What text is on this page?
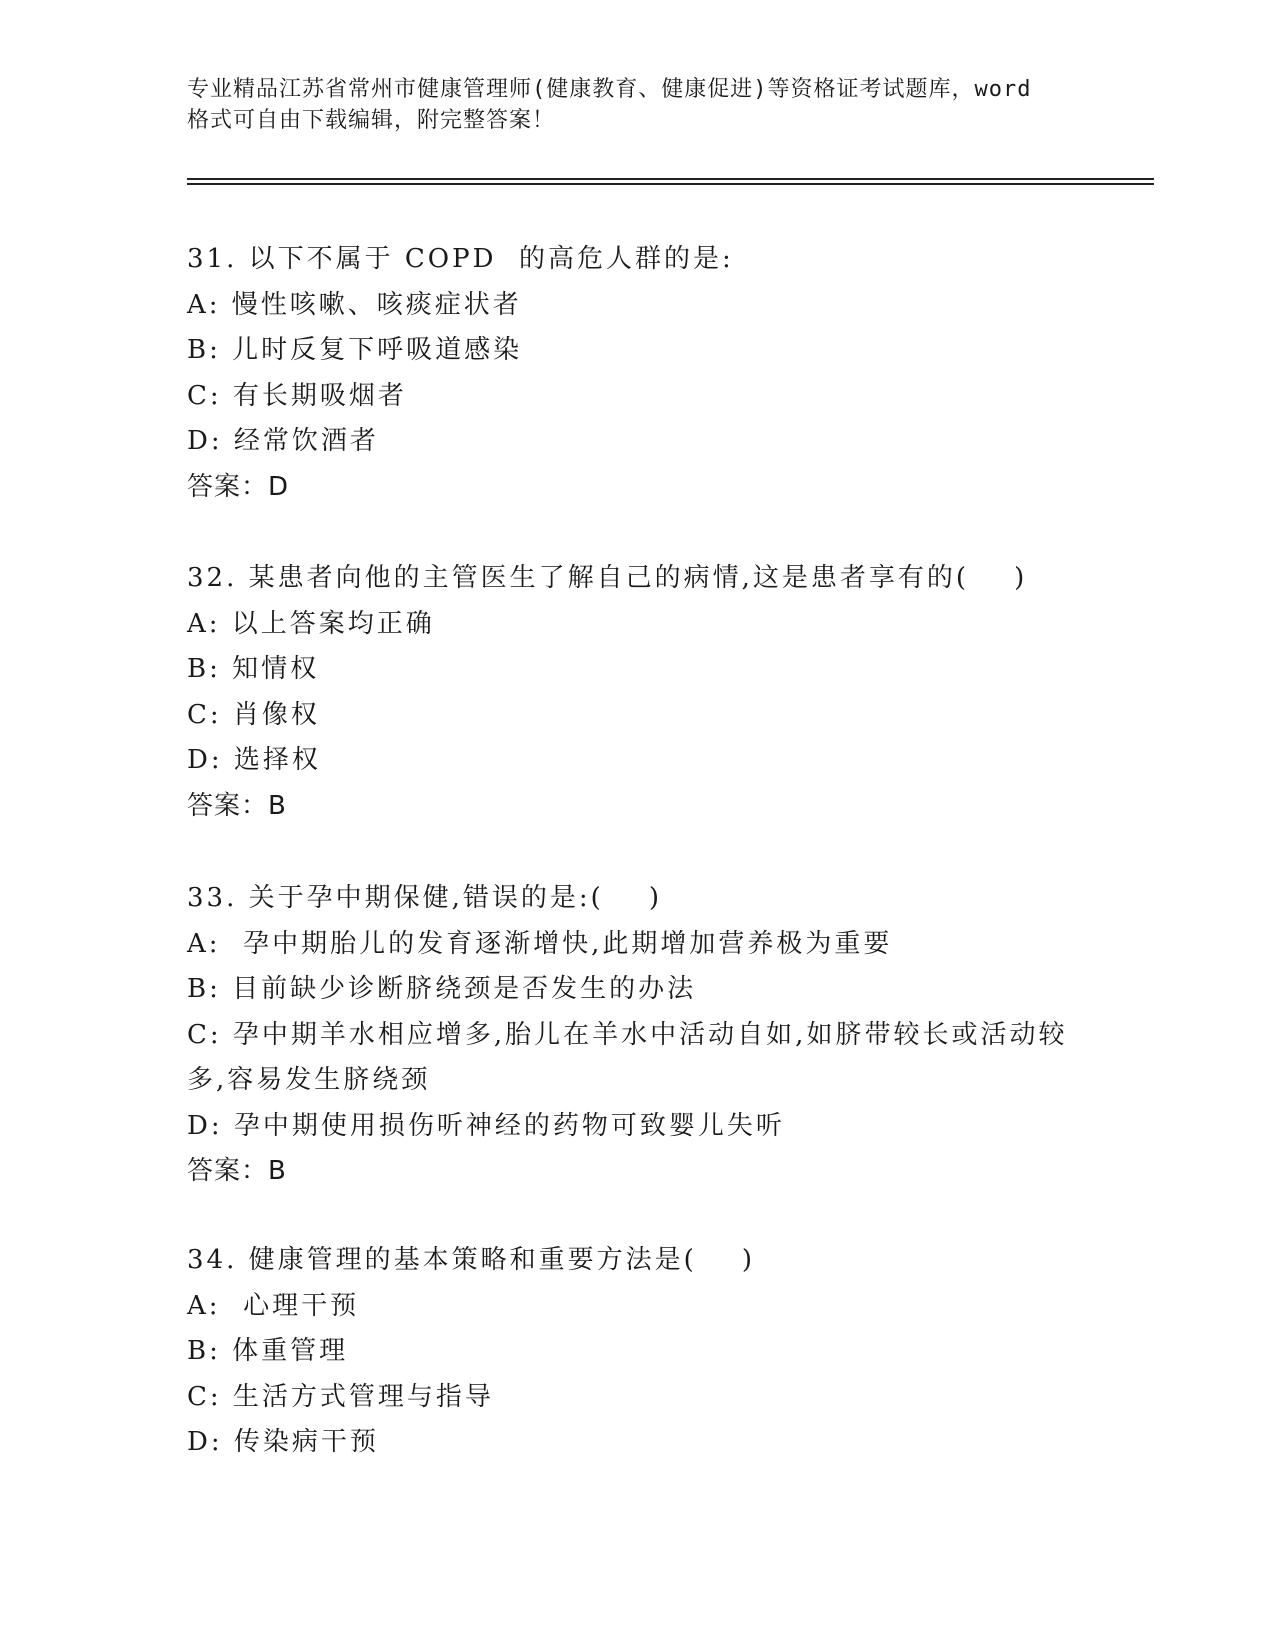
专业精品江苏省常州市健康管理师(健康教育、健康促进)等资格证考试题库，word
格式可自由下载编辑，附完整答案！
31. 以下不属于 COPD  的高危人群的是:
A: 慢性咳嗽、咳痰症状者
B: 儿时反复下呼吸道感染
C: 有长期吸烟者
D: 经常饮酒者
答案：D
32. 某患者向他的主管医生了解自己的病情,这是患者享有的(    )
A: 以上答案均正确
B: 知情权
C: 肖像权
D: 选择权
答案：B
33. 关于孕中期保健,错误的是:(    )
A:  孕中期胎儿的发育逐渐增快,此期增加营养极为重要
B: 目前缺少诊断脐绕颈是否发生的办法
C: 孕中期羊水相应增多,胎儿在羊水中活动自如,如脐带较长或活动较
多,容易发生脐绕颈
D: 孕中期使用损伤听神经的药物可致婴儿失听
答案：B
34. 健康管理的基本策略和重要方法是(    )
A:  心理干预
B: 体重管理
C: 生活方式管理与指导
D: 传染病干预
